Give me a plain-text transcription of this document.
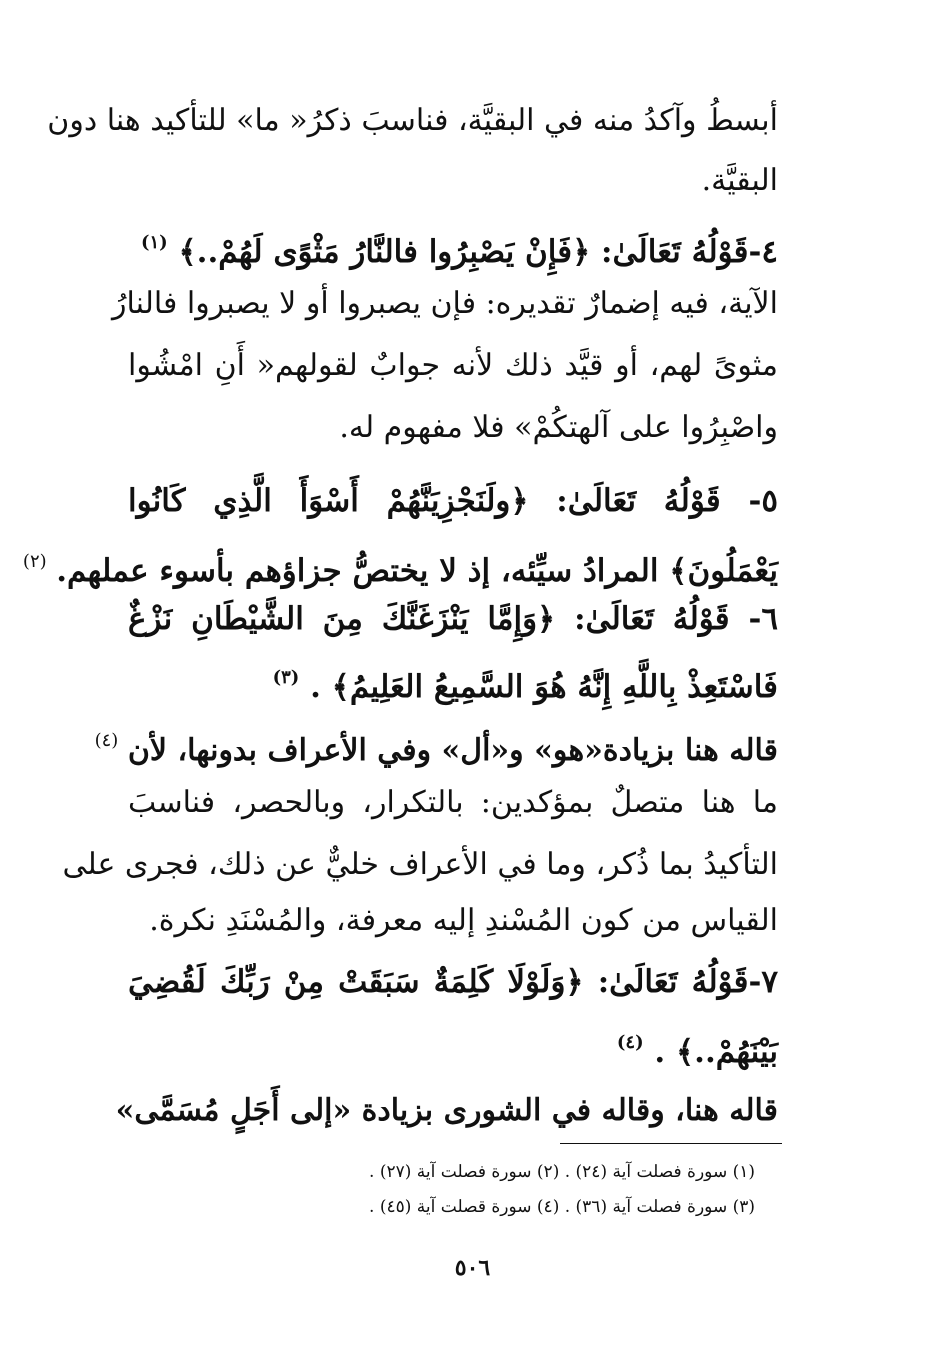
أبسطُ وآكدُ منه في البقيَّة، فناسبَ ذكرُ« ما» للتأكيد هنا دون
البقيَّة.
٤-قَوْلُهُ تَعَالَىٰ: ﴿فَإِنْ يَصْبِرُوا فالنَّارُ مَثْوًى لَهُمْ..﴾ $^{(١)}$
الآية، فيه إضمارٌ تقديره: فإن يصبروا أو لا يصبروا فالنارُ
مثوىً لهم، أو قيَّد ذلك لأنه جوابٌ لقولهم« أَنِ امْشُوا
واصْبِرُوا على آلهتكُمْ» فلا مفهوم له.
٥- قَوْلُهُ تَعَالَىٰ: ﴿ولَنَجْزِيَنَّهُمْ أَسْوَأَ الَّذِي كَانُوا
يَعْمَلُونَ﴾ المرادُ سيِّئه، إذ لا يختصُّ جزاؤهم بأسوء عملهم. $^{(٢)}$
٦- قَوْلُهُ تَعَالَىٰ: ﴿وَإِمَّا يَنْزَغَنَّكَ مِنَ الشَّيْطَانِ نَزْغٌ
فَاسْتَعِذْ بِاللَّهِ إِنَّهُ هُوَ السَّمِيعُ العَلِيمُ﴾ . $^{(٣)}$
قاله هنا بزيادة«هو» و«أل» وفي الأعراف بدونها، لأن $^{(٤)}$
ما هنا متصلٌ بمؤكدين: بالتكرار، وبالحصر، فناسبَ
التأكيدُ بما ذُكر، وما في الأعراف خليٌّ عن ذلك، فجرى على
القياس من كون المُسْندِ إليه معرفة، والمُسْنَدِ نكرة.
٧-قَوْلُهُ تَعَالَىٰ: ﴿وَلَوْلَا كَلِمَةٌ سَبَقَتْ مِنْ رَبِّكَ لَقُضِيَ
بَيْنَهُمْ..﴾ . $^{(٤)}$
قاله هنا، وقاله في الشورى بزيادة «إلى أَجَلٍ مُسَمَّى»
(١) سورة فصلت آية (٢٤) . (٢) سورة فصلت آية (٢٧) .
(٣) سورة فصلت آية (٣٦) . (٤) سورة قصلت آية (٤٥) .
٥٠٦
